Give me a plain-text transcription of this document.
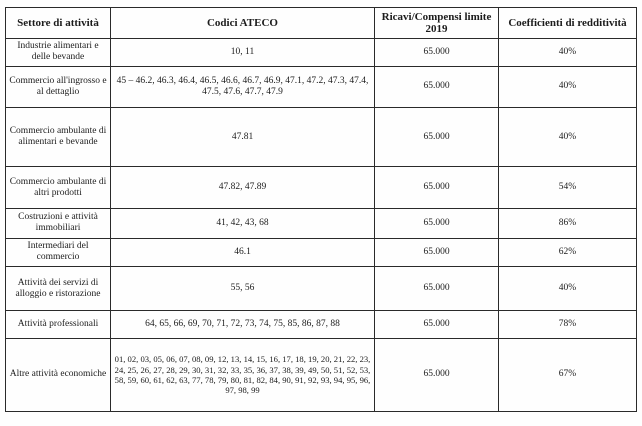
Settore di attività	Codici ATECO	Ricavi/Compensi limite 2019	Coefficienti di redditività
Industrie alimentari e delle bevande	10, 11	65.000	40%
Commercio all'ingrosso e al dettaglio	45 – 46.2, 46.3, 46.4, 46.5, 46.6, 46.7, 46.9, 47.1, 47.2, 47.3, 47.4, 47.5, 47.6, 47.7, 47.9	65.000	40%
Commercio ambulante di alimentari e bevande	47.81	65.000	40%
Commercio ambulante di altri prodotti	47.82, 47.89	65.000	54%
Costruzioni e attività immobiliari	41, 42, 43, 68	65.000	86%
Intermediari del commercio	46.1	65.000	62%
Attività dei servizi di alloggio e ristorazione	55, 56	65.000	40%
Attività professionali	64, 65, 66, 69, 70, 71, 72, 73, 74, 75, 85, 86, 87, 88	65.000	78%
Altre attività economiche	01, 02, 03, 05, 06, 07, 08, 09, 12, 13, 14, 15, 16, 17, 18, 19, 20, 21, 22, 23, 24, 25, 26, 27, 28, 29, 30, 31, 32, 33, 35, 36, 37, 38, 39, 49, 50, 51, 52, 53, 58, 59, 60, 61, 62, 63, 77, 78, 79, 80, 81, 82, 84, 90, 91, 92, 93, 94, 95, 96, 97, 98, 99	65.000	67%
